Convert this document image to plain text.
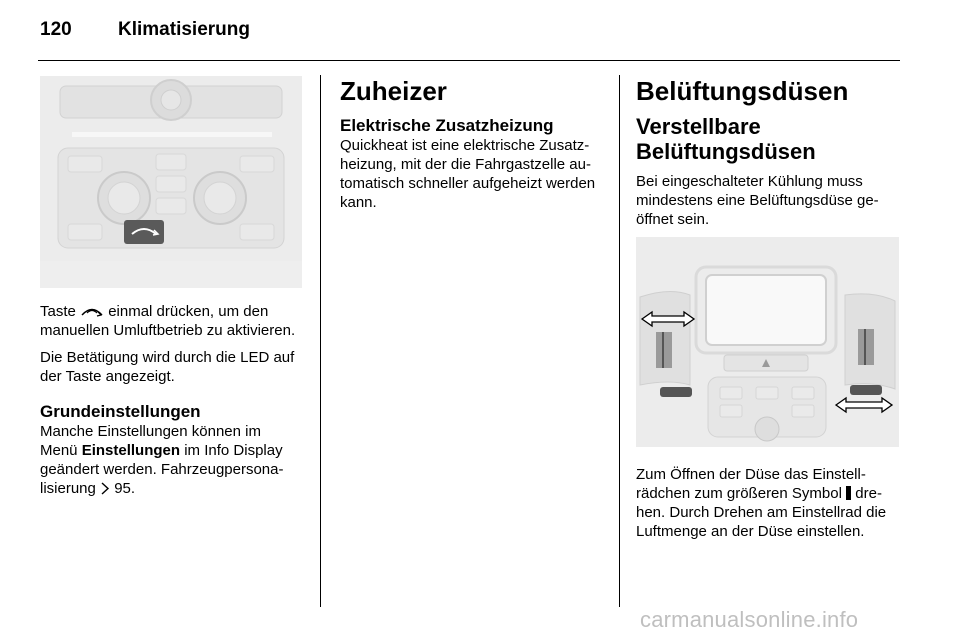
120 Klimatisierung

Taste einmal drücken, um den manuellen Umluftbetrieb zu aktivieren.

Die Betätigung wird durch die LED auf der Taste angezeigt.

Grundeinstellungen

Manche Einstellungen können im Menü Einstellungen im Info Display geändert werden. Fahrzeugpersonalisierung 95.

Zuheizer

Elektrische Zusatzheizung

Quickheat ist eine elektrische Zusatzheizung, mit der die Fahrgastzelle automatisch schneller aufgeheizt werden kann.

Belüftungsdüsen

Verstellbare Belüftungsdüsen

Bei eingeschalteter Kühlung muss mindestens eine Belüftungsdüse geöffnet sein.

Zum Öffnen der Düse das Einstellrädchen zum größeren Symbol drehen. Durch Drehen am Einstellrad die Luftmenge an der Düse einstellen.

carmanualsonline.info
